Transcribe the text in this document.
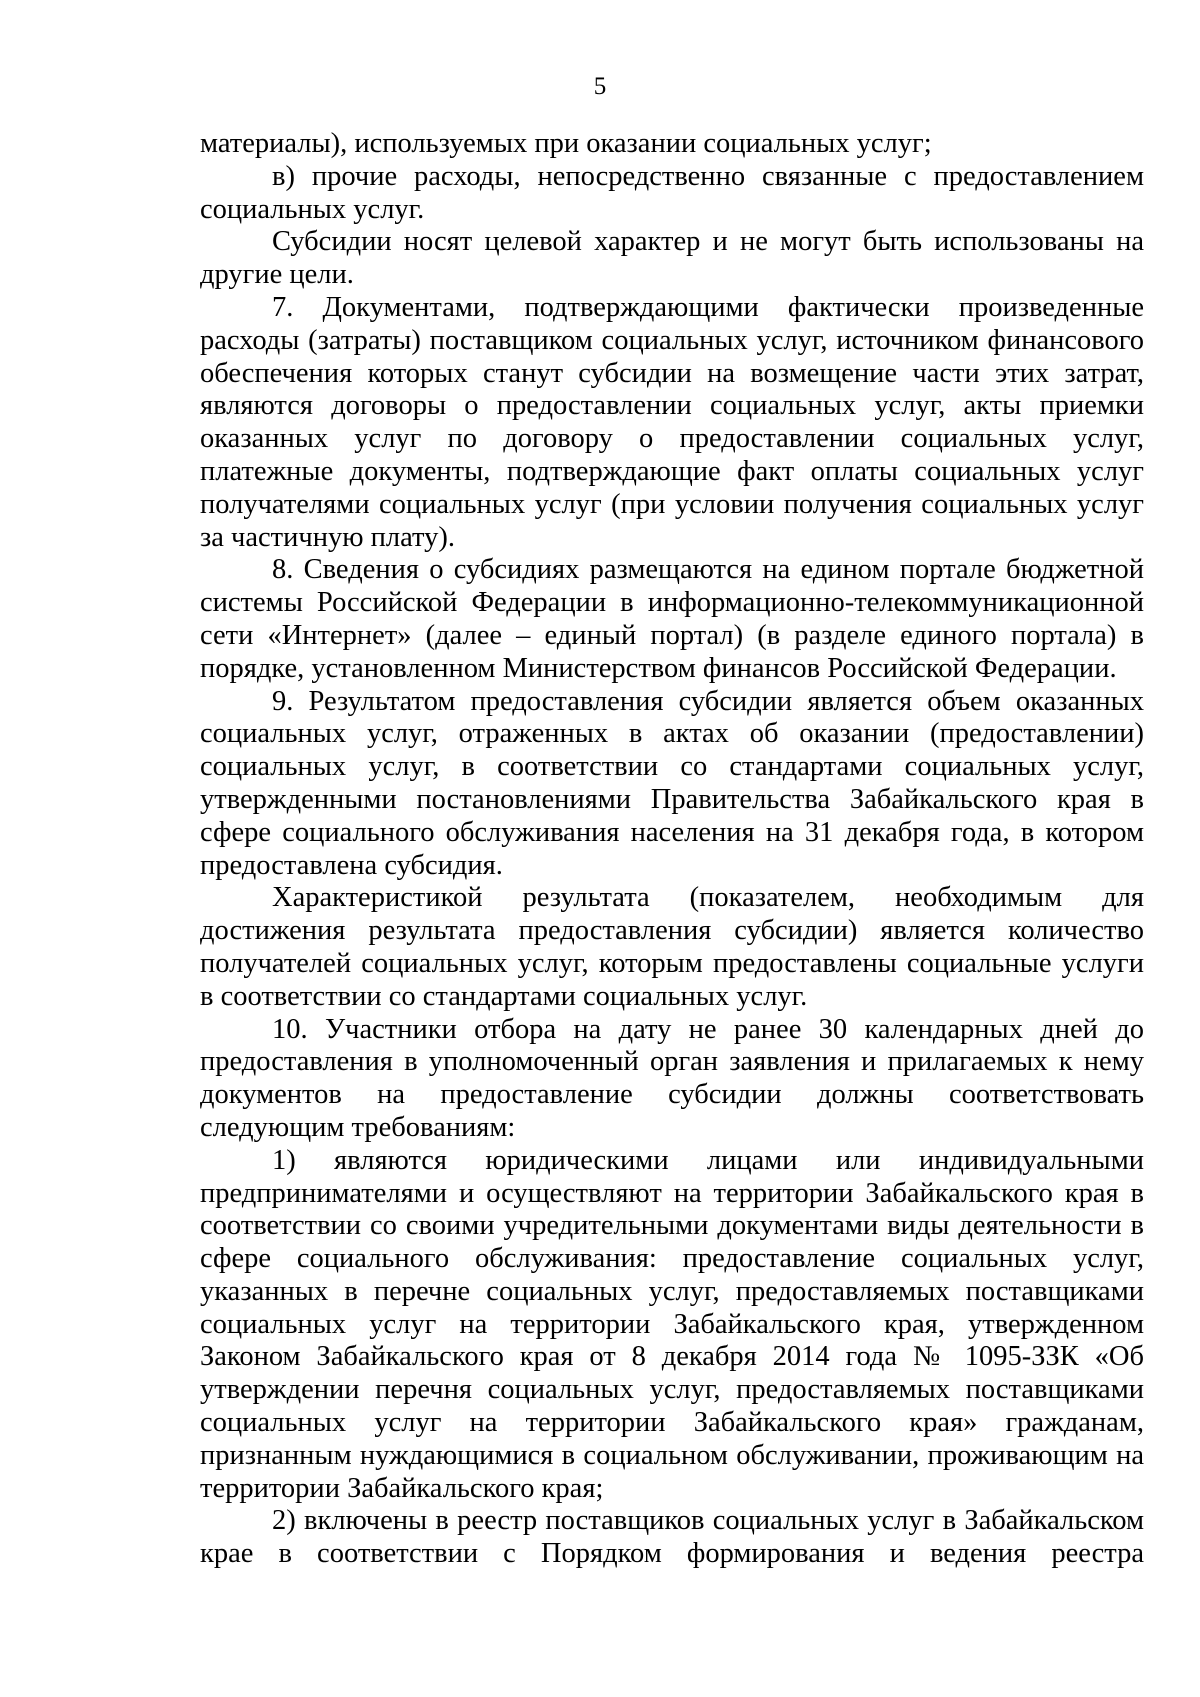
5

материалы), используемых при оказании социальных услуг;

в) прочие расходы, непосредственно связанные с предоставлением социальных услуг.

Субсидии носят целевой характер и не могут быть использованы на другие цели.

7. Документами, подтверждающими фактически произведенные расходы (затраты) поставщиком социальных услуг, источником финансового обеспечения которых станут субсидии на возмещение части этих затрат, являются договоры о предоставлении социальных услуг, акты приемки оказанных услуг по договору о предоставлении социальных услуг, платежные документы, подтверждающие факт оплаты социальных услуг получателями социальных услуг (при условии получения социальных услуг за частичную плату).

8. Сведения о субсидиях размещаются на едином портале бюджетной системы Российской Федерации в информационно-телекоммуникационной сети «Интернет» (далее – единый портал) (в разделе единого портала) в порядке, установленном Министерством финансов Российской Федерации.

9. Результатом предоставления субсидии является объем оказанных социальных услуг, отраженных в актах об оказании (предоставлении) социальных услуг, в соответствии со стандартами социальных услуг, утвержденными постановлениями Правительства Забайкальского края в сфере социального обслуживания населения на 31 декабря года, в котором предоставлена субсидия.

Характеристикой результата (показателем, необходимым для достижения результата предоставления субсидии) является количество получателей социальных услуг, которым предоставлены социальные услуги в соответствии со стандартами социальных услуг.

10. Участники отбора на дату не ранее 30 календарных дней до предоставления в уполномоченный орган заявления и прилагаемых к нему документов на предоставление субсидии должны соответствовать следующим требованиям:

1) являются юридическими лицами или индивидуальными предпринимателями и осуществляют на территории Забайкальского края в соответствии со своими учредительными документами виды деятельности в сфере социального обслуживания: предоставление социальных услуг, указанных в перечне социальных услуг, предоставляемых поставщиками социальных услуг на территории Забайкальского края, утвержденном Законом Забайкальского края от 8 декабря 2014 года № 1095-ЗЗК «Об утверждении перечня социальных услуг, предоставляемых поставщиками социальных услуг на территории Забайкальского края» гражданам, признанным нуждающимися в социальном обслуживании, проживающим на территории Забайкальского края;

2) включены в реестр поставщиков социальных услуг в Забайкальском крае в соответствии с Порядком формирования и ведения реестра
